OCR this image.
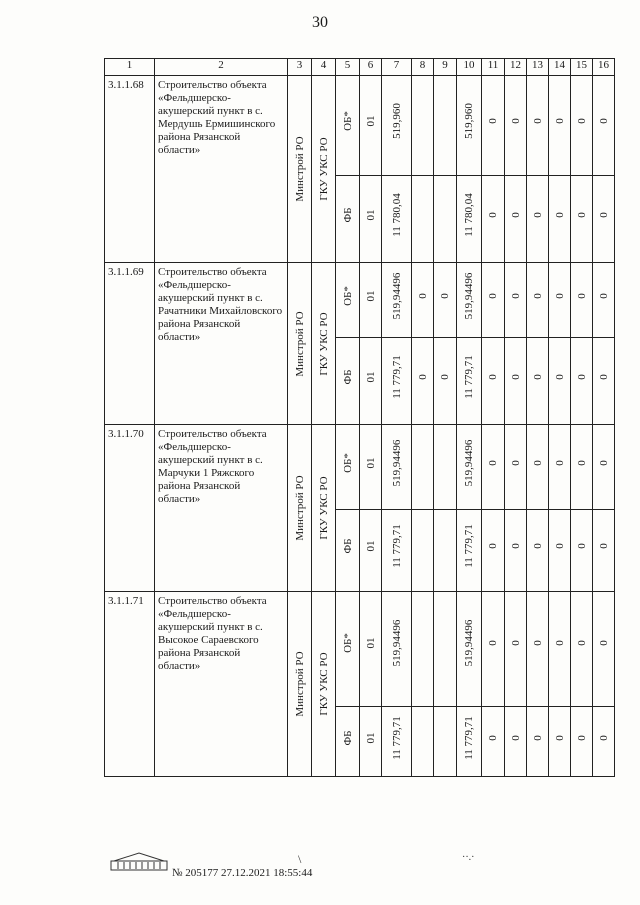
30
1	2	3	4	5	6	7	8	9	10	11	12	13	14	15	16
3.1.1.68	Строительство объекта «Фельдшерско-акушерский пункт в с. Мердушь Ермишинского района Рязанской области»	Минстрой РО	ГКУ УКС РО	ОБ*	01	519,960			519,960	0	0	0	0	0	0

				ФБ	01	11 780,04			11 780,04	0	0	0	0	0	0

3.1.1.69	Строительство объекта «Фельдшерско-акушерский пункт в с. Рачатники Михайловского района Рязанской области»	Минстрой РО	ГКУ УКС РО	ОБ*	01	519,94496	0	0	519,94496	0	0	0	0	0	0

				ФБ	01	11 779,71	0	0	11 779,71	0	0	0	0	0	0

3.1.1.70	Строительство объекта «Фельдшерско-акушерский пункт в с. Марчуки 1 Ряжского района Рязанской области»	Минстрой РО	ГКУ УКС РО	ОБ*	01	519,94496			519,94496	0	0	0	0	0	0

				ФБ	01	11 779,71			11 779,71	0	0	0	0	0	0

3.1.1.71	Строительство объекта «Фельдшерско-акушерский пункт в с. Высокое Сараевского района Рязанской области»	Минстрой РО	ГКУ УКС РО	ОБ*	01	519,94496			519,94496	0	0	0	0	0	0

				ФБ	01	11 779,71			11 779,71	0	0	0	0	0	0
№ 205177 27.12.2021 18:55:44
\	··.·
